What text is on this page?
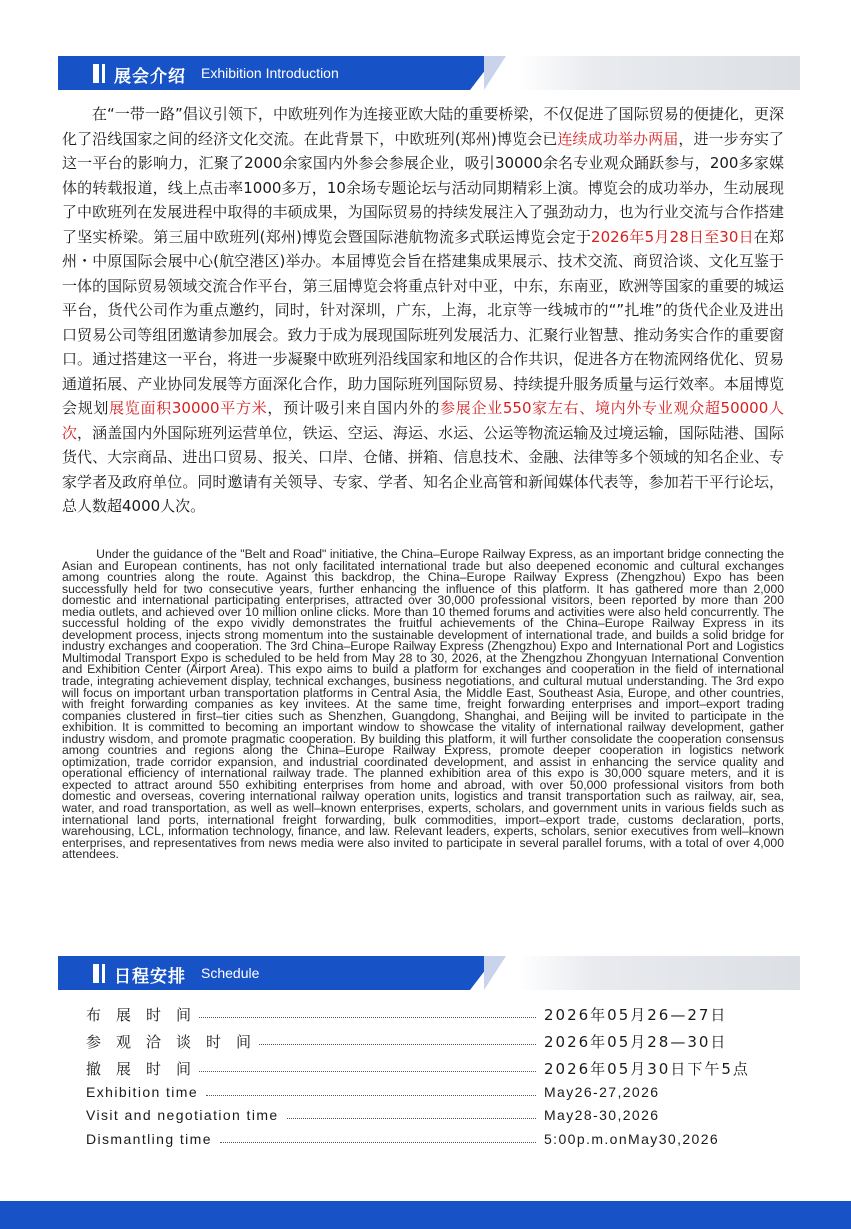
展会介绍 Exhibition Introduction
在“一带一路”倡议引领下，中欧班列作为连接亚欧大陆的重要桥梁，不仅促进了国际贸易的便捷化，更深化了沿线国家之间的经济文化交流。在此背景下，中欧班列(郑州)博览会已连续成功举办两届，进一步夯实了这一平台的影响力，汇聚了2000余家国内外参会参展企业，吸引30000余名专业观众踊跃参与，200多家媒体的转载报道，线上点击率1000多万，10余场专题论坛与活动同期精彩上演。博览会的成功举办，生动展现了中欧班列在发展进程中取得的丰硕成果，为国际贸易的持续发展注入了强劲动力，也为行业交流与合作搭建了坚实桥梁。第三届中欧班列(郑州)博览会暨国际港航物流多式联运博览会定于2026年5月28日至30日在郑州・中原国际会展中心(航空港区)举办。本届博览会旨在搭建集成果展示、技术交流、商贸洽谈、文化互鉴于一体的国际贸易领域交流合作平台，第三届博览会将重点针对中亚，中东，东南亚，欧洲等国家的重要的城运平台，货代公司作为重点邀约，同时，针对深圳，广东，上海，北京等一线城市的“”扎堆”的货代企业及进出口贸易公司等组团邀请参加展会。致力于成为展现国际班列发展活力、汇聚行业智慧、推动务实合作的重要窗口。通过搭建这一平台，将进一步凝聚中欧班列沿线国家和地区的合作共识，促进各方在物流网络优化、贸易通道拓展、产业协同发展等方面深化合作，助力国际班列国际贸易、持续提升服务质量与运行效率。本届博览会规划展览面积30000平方米，预计吸引来自国内外的参展企业550家左右、境内外专业观众超50000人次，涵盖国内外国际班列运营单位，铁运、空运、海运、水运、公运等物流运输及过境运输，国际陆港、国际货代、大宗商品、进出口贸易、报关、口岸、仓储、拼箱、信息技术、金融、法律等多个领域的知名企业、专家学者及政府单位。同时邀请有关领导、专家、学者、知名企业高管和新闻媒体代表等，参加若干平行论坛，总人数超4000人次。
Under the guidance of the "Belt and Road" initiative, the China–Europe Railway Express, as an important bridge connecting the Asian and European continents, has not only facilitated international trade but also deepened economic and cultural exchanges among countries along the route. Against this backdrop, the China–Europe Railway Express (Zhengzhou) Expo has been successfully held for two consecutive years, further enhancing the influence of this platform. It has gathered more than 2,000 domestic and international participating enterprises, attracted over 30,000 professional visitors, been reported by more than 200 media outlets, and achieved over 10 million online clicks. More than 10 themed forums and activities were also held concurrently. The successful holding of the expo vividly demonstrates the fruitful achievements of the China–Europe Railway Express in its development process, injects strong momentum into the sustainable development of international trade, and builds a solid bridge for industry exchanges and cooperation. The 3rd China–Europe Railway Express (Zhengzhou) Expo and International Port and Logistics Multimodal Transport Expo is scheduled to be held from May 28 to 30, 2026, at the Zhengzhou Zhongyuan International Convention and Exhibition Center (Airport Area). This expo aims to build a platform for exchanges and cooperation in the field of international trade, integrating achievement display, technical exchanges, business negotiations, and cultural mutual understanding. The 3rd expo will focus on important urban transportation platforms in Central Asia, the Middle East, Southeast Asia, Europe, and other countries, with freight forwarding companies as key invitees. At the same time, freight forwarding enterprises and import–export trading companies clustered in first–tier cities such as Shenzhen, Guangdong, Shanghai, and Beijing will be invited to participate in the exhibition. It is committed to becoming an important window to showcase the vitality of international railway development, gather industry wisdom, and promote pragmatic cooperation. By building this platform, it will further consolidate the cooperation consensus among countries and regions along the China–Europe Railway Express, promote deeper cooperation in logistics network optimization, trade corridor expansion, and industrial coordinated development, and assist in enhancing the service quality and operational efficiency of international railway trade. The planned exhibition area of this expo is 30,000 square meters, and it is expected to attract around 550 exhibiting enterprises from home and abroad, with over 50,000 professional visitors from both domestic and overseas, covering international railway operation units, logistics and transit transportation such as railway, air, sea, water, and road transportation, as well as well–known enterprises, experts, scholars, and government units in various fields such as international land ports, international freight forwarding, bulk commodities, import–export trade, customs declaration, ports, warehousing, LCL, information technology, finance, and law. Relevant leaders, experts, scholars, senior executives from well–known enterprises, and representatives from news media were also invited to participate in several parallel forums, with a total of over 4,000 attendees.
日程安排 Schedule
布　展　时　间	2026年05月26—27日
参　观　洽　谈　时　间	2026年05月28—30日
撤　展　时　间	2026年05月30日下午5点
Exhibition time	May26-27,2026
Visit and negotiation time	May28-30,2026
Dismantling time	5:00p.m.onMay30,2026
